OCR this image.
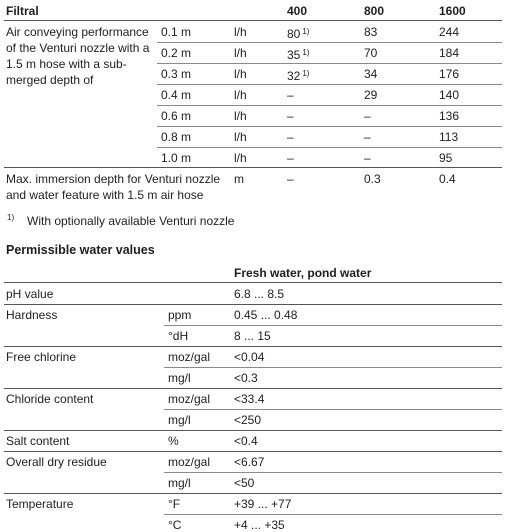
Filtral	400	800	1600
Air conveying performance
of the Venturi nozzle with a
1.5 m hose with a sub-
merged depth of
0.1 m	l/h	80 $^{1)}$	83	244
0.2 m	l/h	35 $^{1)}$	70	184
0.3 m	l/h	32 $^{1)}$	34	176
0.4 m	l/h	–	29	140
0.6 m	l/h	–	–	136
0.8 m	l/h	–	–	113
1.0 m	l/h	–	–	95
Max. immersion depth for Venturi nozzle
and water feature with 1.5 m air hose
m	–	0.3	0.4
1) With optionally available Venturi nozzle
Permissible water values
Fresh water, pond water
pH value	6.8 ... 8.5
Hardness	ppm	0.45 ... 0.48
°dH	8 ... 15
Free chlorine	moz/gal <0.04
mg/l	<0.3
Chloride content	moz/gal <33.4
mg/l	<250
Salt content	%	<0.4
Overall dry residue	moz/gal <6.67
mg/l	<50
Temperature	°F	+39 ... +77
°C	+4 ... +35
